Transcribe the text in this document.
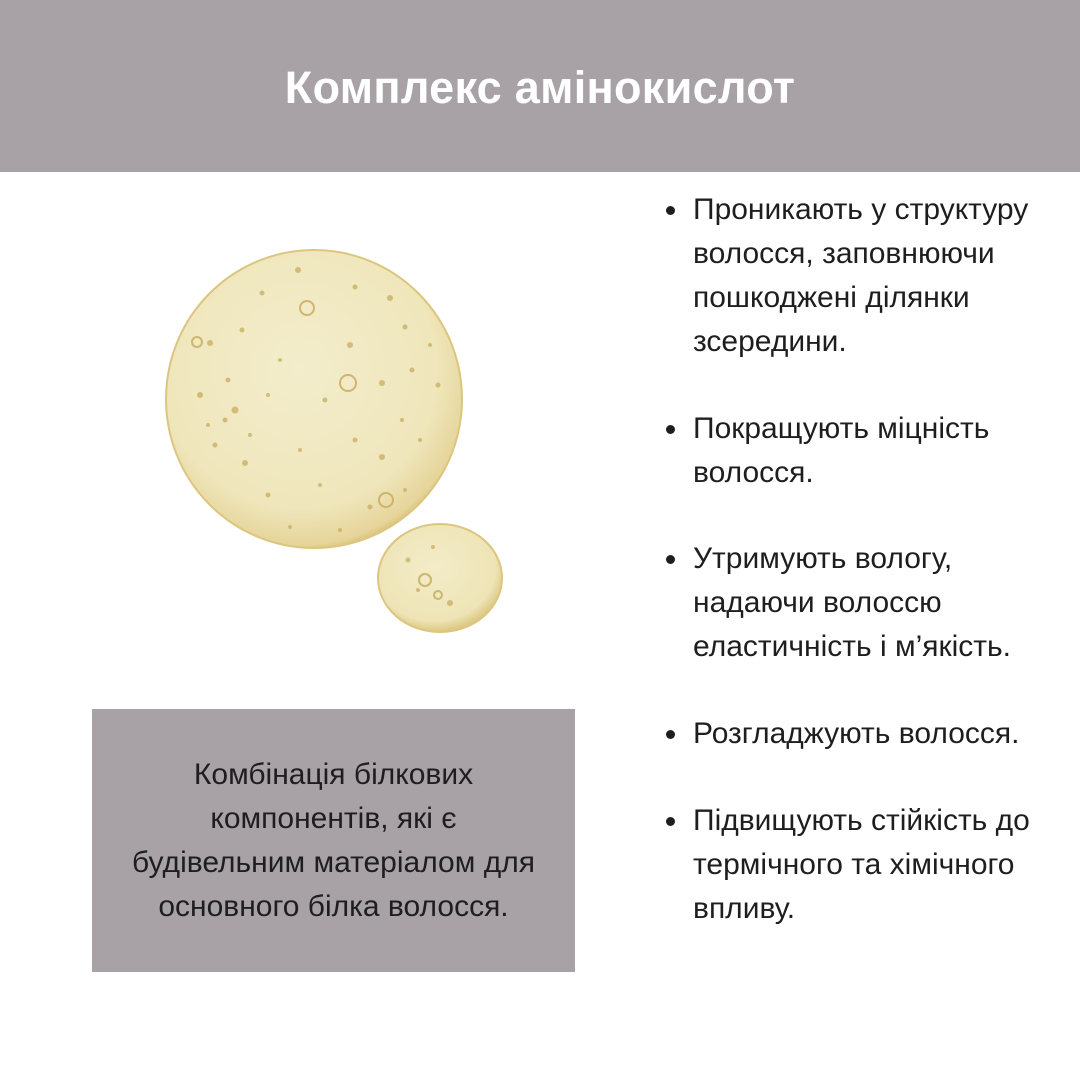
Комплекс амінокислот

Комбінація білкових компонентів, які є будівельним матеріалом для основного білка волосся.

Проникають у структуру волосся, заповнюючи пошкоджені ділянки зсередини.
Покращують міцність волосся.
Утримують вологу, надаючи волоссю еластичність і м’якість.
Розгладжують волосся.
Підвищують стійкість до термічного та хімічного впливу.
